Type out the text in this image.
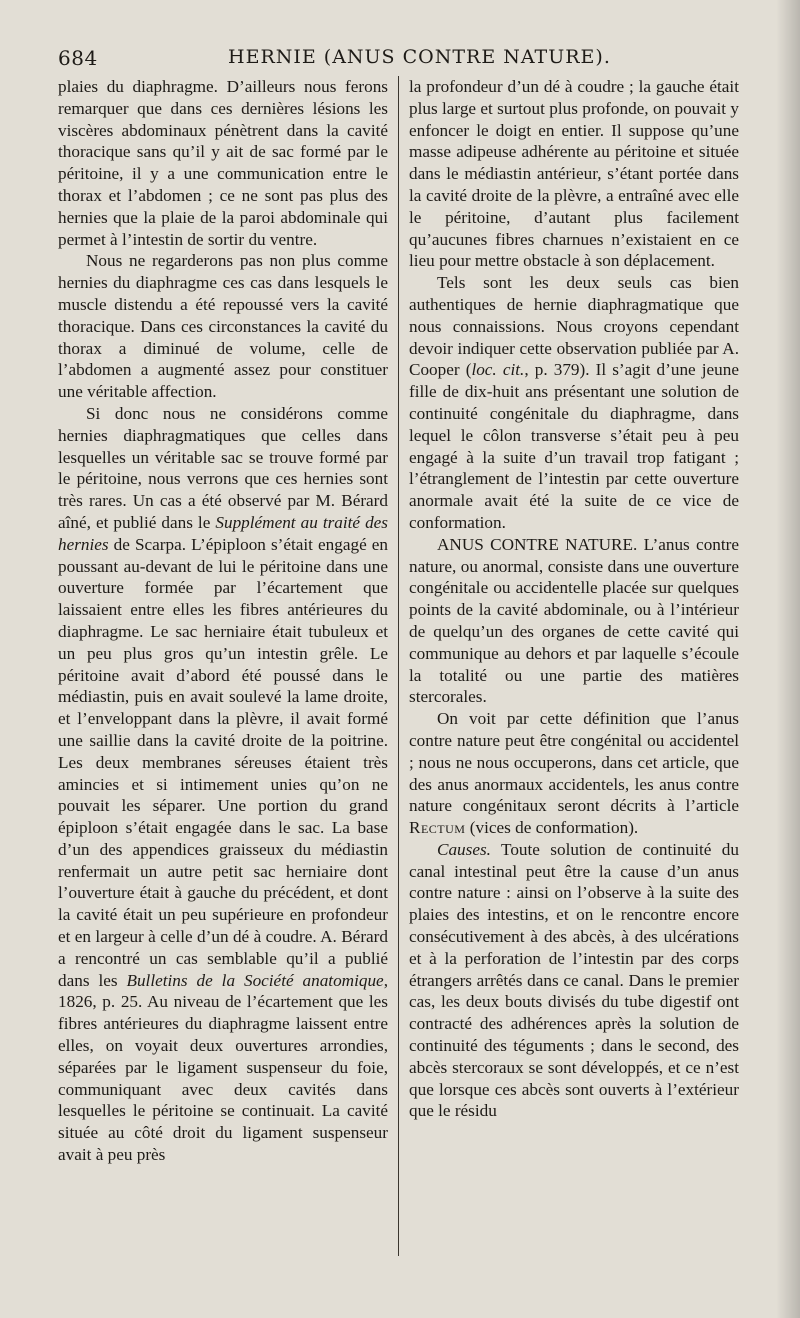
684	HERNIE (ANUS CONTRE NATURE).

plaies du diaphragme. D’ailleurs nous ferons remarquer que dans ces dernières lésions les viscères abdominaux pénètrent dans la cavité thoracique sans qu’il y ait de sac formé par le péritoine, il y a une communication entre le thorax et l’abdomen ; ce ne sont pas plus des hernies que la plaie de la paroi abdominale qui permet à l’intestin de sortir du ventre.

Nous ne regarderons pas non plus comme hernies du diaphragme ces cas dans lesquels le muscle distendu a été repoussé vers la cavité thoracique. Dans ces circonstances la cavité du thorax a diminué de volume, celle de l’abdomen a augmenté assez pour constituer une véritable affection.

Si donc nous ne considérons comme hernies diaphragmatiques que celles dans lesquelles un véritable sac se trouve formé par le péritoine, nous verrons que ces hernies sont très rares. Un cas a été observé par M. Bérard aîné, et publié dans le Supplément au traité des hernies de Scarpa. L’épiploon s’était engagé en poussant au-devant de lui le péritoine dans une ouverture formée par l’écartement que laissaient entre elles les fibres antérieures du diaphragme. Le sac herniaire était tubuleux et un peu plus gros qu’un intestin grêle. Le péritoine avait d’abord été poussé dans le médiastin, puis en avait soulevé la lame droite, et l’enveloppant dans la plèvre, il avait formé une saillie dans la cavité droite de la poitrine. Les deux membranes séreuses étaient très amincies et si intimement unies qu’on ne pouvait les séparer. Une portion du grand épiploon s’était engagée dans le sac. La base d’un des appendices graisseux du médiastin renfermait un autre petit sac herniaire dont l’ouverture était à gauche du précédent, et dont la cavité était un peu supérieure en profondeur et en largeur à celle d’un dé à coudre. A. Bérard a rencontré un cas semblable qu’il a publié dans les Bulletins de la Société anatomique, 1826, p. 25. Au niveau de l’écartement que les fibres antérieures du diaphragme laissent entre elles, on voyait deux ouvertures arrondies, séparées par le ligament suspenseur du foie, communiquant avec deux cavités dans lesquelles le péritoine se continuait. La cavité située au côté droit du ligament suspenseur avait à peu près

la profondeur d’un dé à coudre ; la gauche était plus large et surtout plus profonde, on pouvait y enfoncer le doigt en entier. Il suppose qu’une masse adipeuse adhérente au péritoine et située dans le médiastin antérieur, s’étant portée dans la cavité droite de la plèvre, a entraîné avec elle le péritoine, d’autant plus facilement qu’aucunes fibres charnues n’existaient en ce lieu pour mettre obstacle à son déplacement.

Tels sont les deux seuls cas bien authentiques de hernie diaphragmatique que nous connaissions. Nous croyons cependant devoir indiquer cette observation publiée par A. Cooper (loc. cit., p. 379). Il s’agit d’une jeune fille de dix-huit ans présentant une solution de continuité congénitale du diaphragme, dans lequel le côlon transverse s’était peu à peu engagé à la suite d’un travail trop fatigant ; l’étranglement de l’intestin par cette ouverture anormale avait été la suite de ce vice de conformation.

ANUS CONTRE NATURE. L’anus contre nature, ou anormal, consiste dans une ouverture congénitale ou accidentelle placée sur quelques points de la cavité abdominale, ou à l’intérieur de quelqu’un des organes de cette cavité qui communique au dehors et par laquelle s’écoule la totalité ou une partie des matières stercorales.

On voit par cette définition que l’anus contre nature peut être congénital ou accidentel ; nous ne nous occuperons, dans cet article, que des anus anormaux accidentels, les anus contre nature congénitaux seront décrits à l’article Rectum (vices de conformation).

Causes. Toute solution de continuité du canal intestinal peut être la cause d’un anus contre nature : ainsi on l’observe à la suite des plaies des intestins, et on le rencontre encore consécutivement à des abcès, à des ulcérations et à la perforation de l’intestin par des corps étrangers arrêtés dans ce canal. Dans le premier cas, les deux bouts divisés du tube digestif ont contracté des adhérences après la solution de continuité des téguments ; dans le second, des abcès stercoraux se sont développés, et ce n’est que lorsque ces abcès sont ouverts à l’extérieur que le résidu
